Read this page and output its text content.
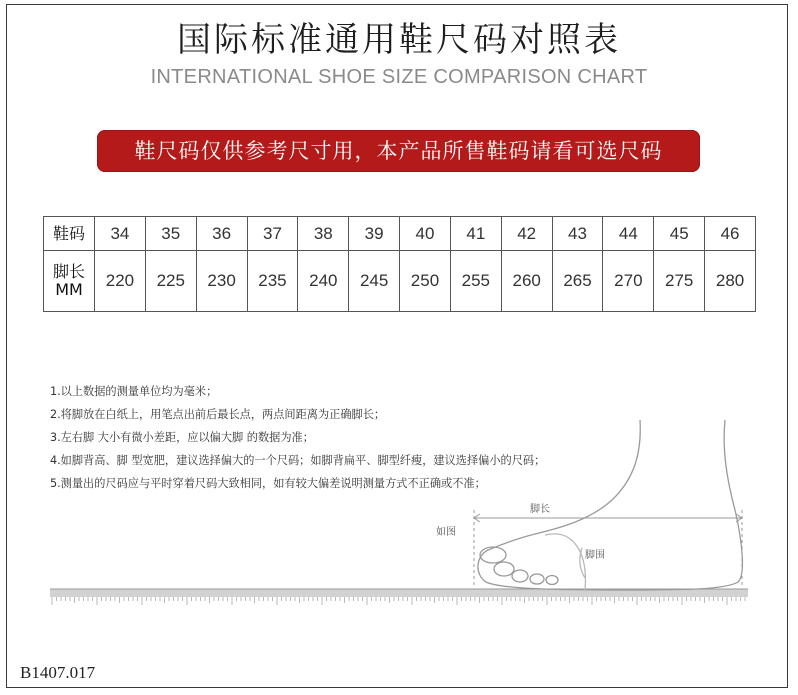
国际标准通用鞋尺码对照表
INTERNATIONAL SHOE SIZE COMPARISON CHART
鞋尺码仅供参考尺寸用，本产品所售鞋码请看可选尺码
鞋码	34	35	36	37	38	39	40	41	42	43	44	45	46
脚长
MM	220	225	230	235	240	245	250	255	260	265	270	275	280
1.以上数据的测量单位均为毫米；
2.将脚放在白纸上，用笔点出前后最长点，两点间距离为正确脚长；
3.左右脚 大小有微小差距，应以偏大脚 的数据为准；
4.如脚背高、脚 型宽肥，建议选择偏大的一个尺码；如脚背扁平、脚型纤瘦，建议选择偏小的尺码；
5.测量出的尺码应与平时穿着尺码大致相同，如有较大偏差说明测量方式不正确或不准；
脚长
如图
脚围
B1407.017
